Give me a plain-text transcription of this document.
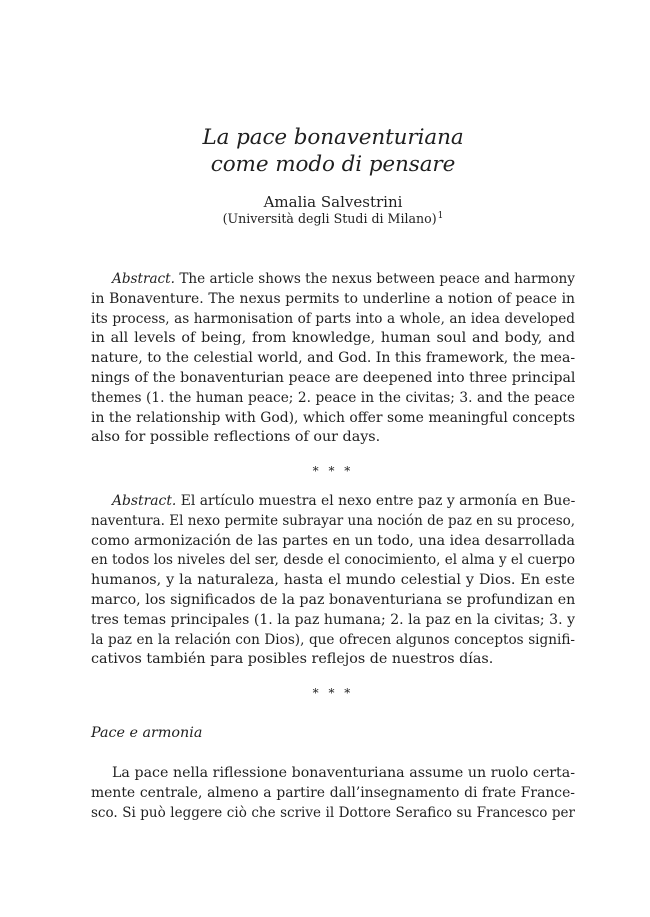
La pace bonaventuriana
come modo di pensare
Amalia Salvestrini
(Università degli Studi di Milano)$^1$
Abstract. The article shows the nexus between peace and harmony
in Bonaventure. The nexus permits to underline a notion of peace in
its process, as harmonisation of parts into a whole, an idea developed
in all levels of being, from knowledge, human soul and body, and
nature, to the celestial world, and God. In this framework, the mea-
nings of the bonaventurian peace are deepened into three principal
themes (1. the human peace; 2. peace in the civitas; 3. and the peace
in the relationship with God), which offer some meaningful concepts
also for possible reflections of our days.
* * *
Abstract. El artículo muestra el nexo entre paz y armonía en Bue-
naventura. El nexo permite subrayar una noción de paz en su proceso,
como armonización de las partes en un todo, una idea desarrollada
en todos los niveles del ser, desde el conocimiento, el alma y el cuerpo
humanos, y la naturaleza, hasta el mundo celestial y Dios. En este
marco, los significados de la paz bonaventuriana se profundizan en
tres temas principales (1. la paz humana; 2. la paz en la civitas; 3. y
la paz en la relación con Dios), que ofrecen algunos conceptos signifi-
cativos también para posibles reflejos de nuestros días.
* * *
Pace e armonia
La pace nella riflessione bonaventuriana assume un ruolo certa-
mente centrale, almeno a partire dall’insegnamento di frate France-
sco. Si può leggere ciò che scrive il Dottore Serafico su Francesco per
